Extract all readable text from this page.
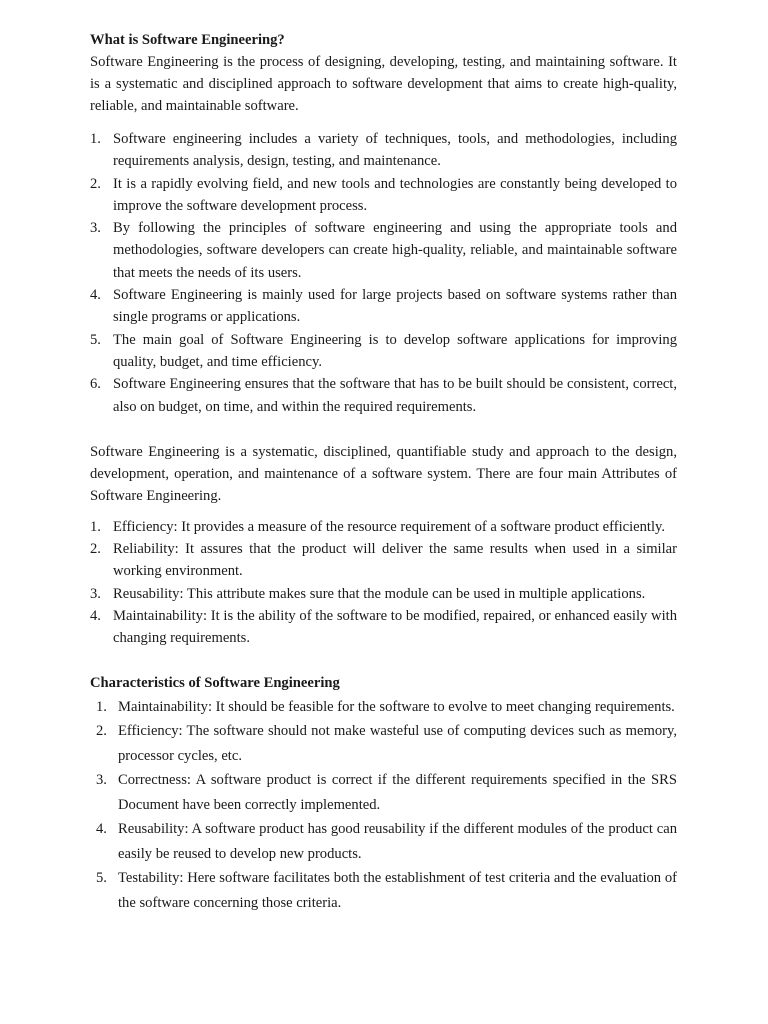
What is Software Engineering?

Software Engineering is the process of designing, developing, testing, and maintaining software. It is a systematic and disciplined approach to software development that aims to create high-quality, reliable, and maintainable software.

1. Software engineering includes a variety of techniques, tools, and methodologies, including requirements analysis, design, testing, and maintenance.
2. It is a rapidly evolving field, and new tools and technologies are constantly being developed to improve the software development process.
3. By following the principles of software engineering and using the appropriate tools and methodologies, software developers can create high-quality, reliable, and maintainable software that meets the needs of its users.
4. Software Engineering is mainly used for large projects based on software systems rather than single programs or applications.
5. The main goal of Software Engineering is to develop software applications for improving quality, budget, and time efficiency.
6. Software Engineering ensures that the software that has to be built should be consistent, correct, also on budget, on time, and within the required requirements.

Software Engineering is a systematic, disciplined, quantifiable study and approach to the design, development, operation, and maintenance of a software system. There are four main Attributes of Software Engineering.

1. Efficiency: It provides a measure of the resource requirement of a software product efficiently.
2. Reliability: It assures that the product will deliver the same results when used in a similar working environment.
3. Reusability: This attribute makes sure that the module can be used in multiple applications.
4. Maintainability: It is the ability of the software to be modified, repaired, or enhanced easily with changing requirements.

Characteristics of Software Engineering

1. Maintainability: It should be feasible for the software to evolve to meet changing requirements.
2. Efficiency: The software should not make wasteful use of computing devices such as memory, processor cycles, etc.
3. Correctness: A software product is correct if the different requirements specified in the SRS Document have been correctly implemented.
4. Reusability: A software product has good reusability if the different modules of the product can easily be reused to develop new products.
5. Testability: Here software facilitates both the establishment of test criteria and the evaluation of the software concerning those criteria.
